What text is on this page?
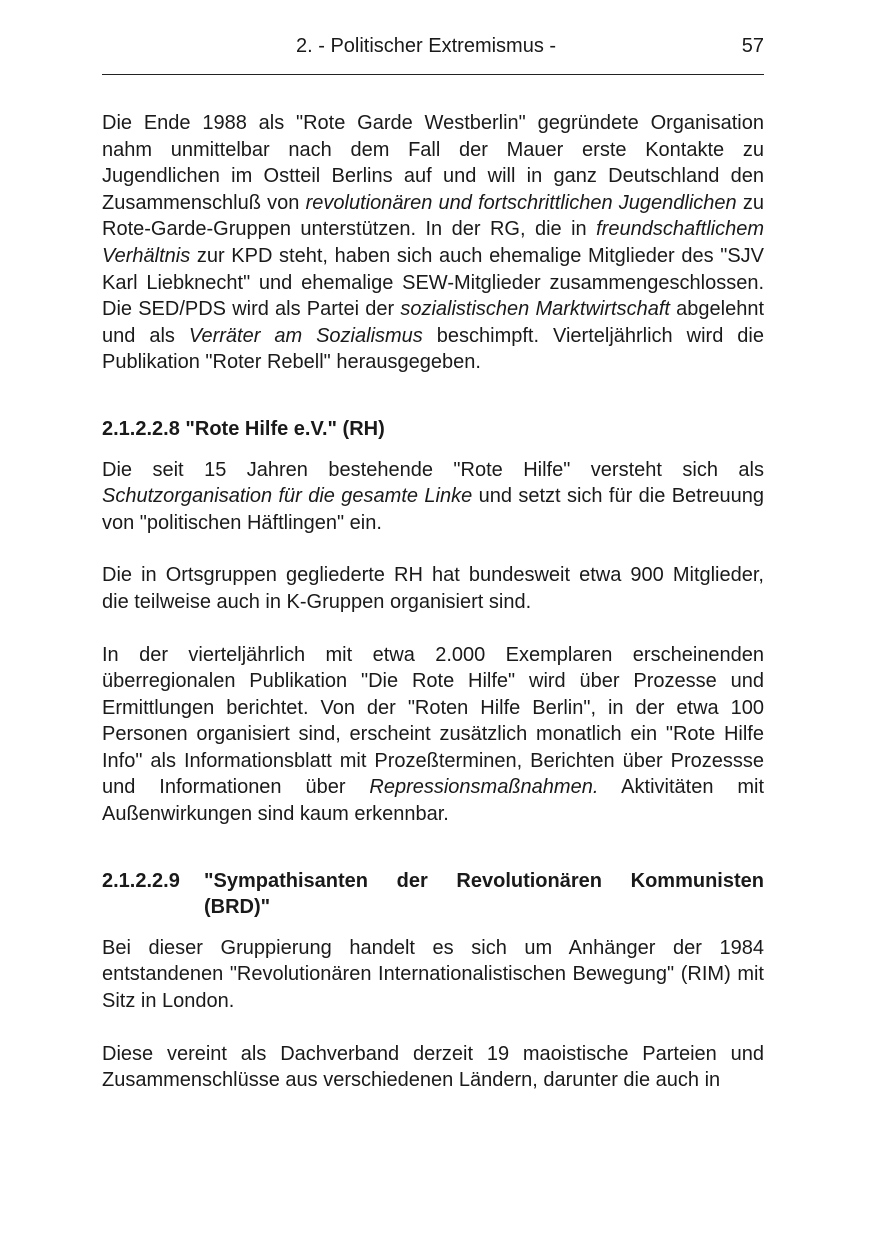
2. - Politischer Extremismus -	57

Die Ende 1988 als "Rote Garde Westberlin" gegründete Organisation nahm unmittelbar nach dem Fall der Mauer erste Kontakte zu Jugendlichen im Ostteil Berlins auf und will in ganz Deutschland den Zusammenschluß von revolutionären und fortschrittlichen Jugendlichen zu Rote-Garde-Gruppen unterstützen. In der RG, die in freundschaftlichem Verhältnis zur KPD steht, haben sich auch ehemalige Mitglieder des "SJV Karl Liebknecht" und ehemalige SEW-Mitglieder zusammengeschlossen. Die SED/PDS wird als Partei der sozialistischen Marktwirtschaft abgelehnt und als Verräter am Sozialismus beschimpft. Vierteljährlich wird die Publikation "Roter Rebell" herausgegeben.

2.1.2.2.8 "Rote Hilfe e.V." (RH)

Die seit 15 Jahren bestehende "Rote Hilfe" versteht sich als Schutzorganisation für die gesamte Linke und setzt sich für die Betreuung von "politischen Häftlingen" ein.

Die in Ortsgruppen gegliederte RH hat bundesweit etwa 900 Mitglieder, die teilweise auch in K-Gruppen organisiert sind.

In der vierteljährlich mit etwa 2.000 Exemplaren erscheinenden überregionalen Publikation "Die Rote Hilfe" wird über Prozesse und Ermittlungen berichtet. Von der "Roten Hilfe Berlin", in der etwa 100 Personen organisiert sind, erscheint zusätzlich monatlich ein "Rote Hilfe Info" als Informationsblatt mit Prozeßterminen, Berichten über Prozessse und Informationen über Repressionsmaßnahmen. Aktivitäten mit Außenwirkungen sind kaum erkennbar.

2.1.2.2.9	"Sympathisanten der Revolutionären Kommunisten (BRD)"

Bei dieser Gruppierung handelt es sich um Anhänger der 1984 entstandenen "Revolutionären Internationalistischen Bewegung" (RIM) mit Sitz in London.

Diese vereint als Dachverband derzeit 19 maoistische Parteien und Zusammenschlüsse aus verschiedenen Ländern, darunter die auch in
